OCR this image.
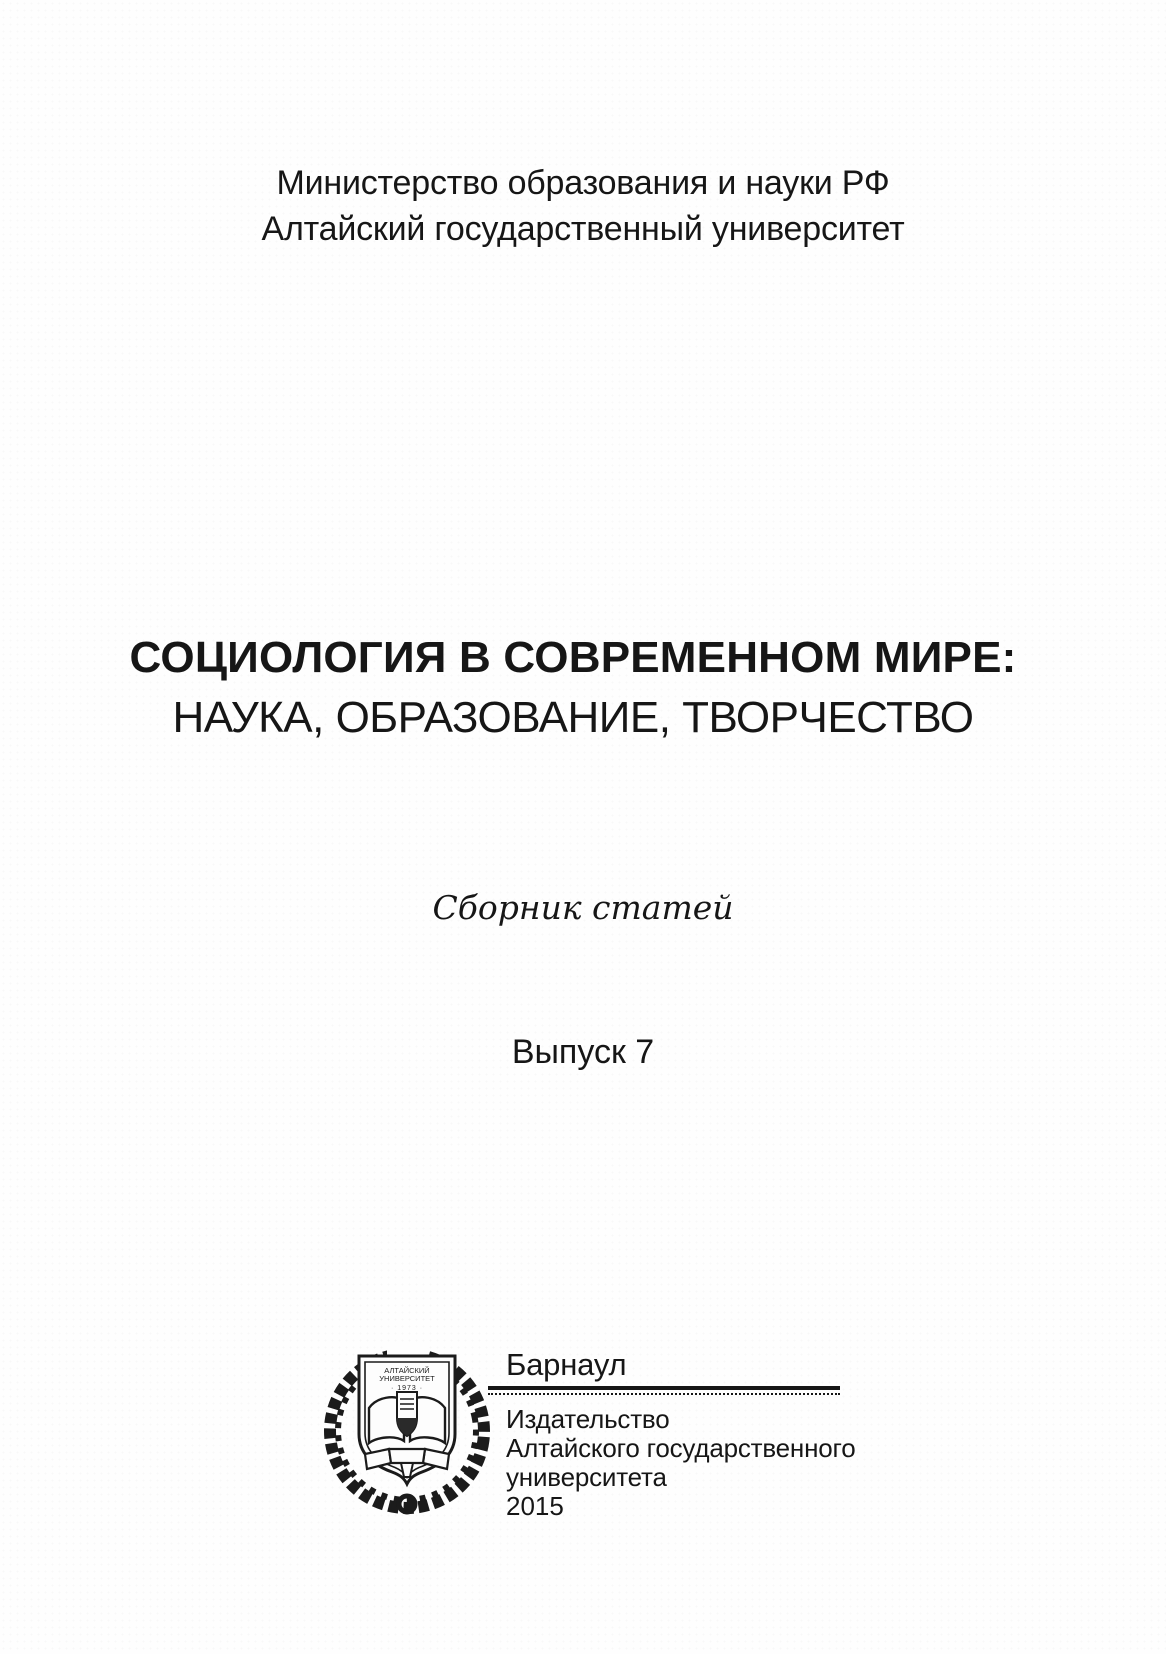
Министерство образования и науки РФ
Алтайский государственный университет
СОЦИОЛОГИЯ В СОВРЕМЕННОМ МИРЕ:
НАУКА, ОБРАЗОВАНИЕ, ТВОРЧЕСТВО
Сборник статей
Выпуск 7
АЛТАЙСКИЙ
УНИВЕРСИТЕТ
· 1973 ·
Барнаул
Издательство
Алтайского государственного
университета
2015
